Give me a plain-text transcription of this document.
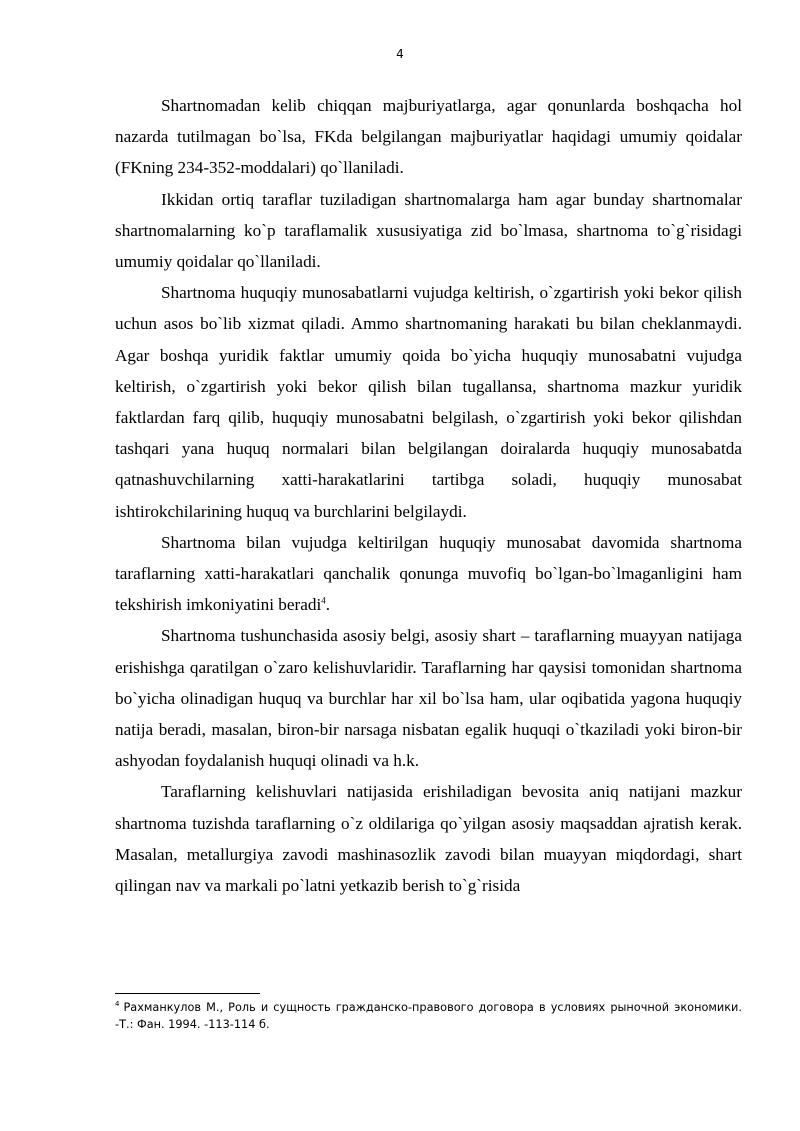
4

Shartnomadan kelib chiqqan majburiyatlarga, agar qonunlarda boshqacha hol nazarda tutilmagan bo`lsa, FKda belgilangan majburiyatlar haqidagi umumiy qoidalar (FKning 234-352-moddalari) qo`llaniladi.

Ikkidan ortiq taraflar tuziladigan shartnomalarga ham agar bunday shartnomalar shartnomalarning ko`p taraflamalik xususiyatiga zid bo`lmasa, shartnoma to`g`risidagi umumiy qoidalar qo`llaniladi.

Shartnoma huquqiy munosabatlarni vujudga keltirish, o`zgartirish yoki bekor qilish uchun asos bo`lib xizmat qiladi. Ammo shartnomaning harakati bu bilan cheklanmaydi. Agar boshqa yuridik faktlar umumiy qoida bo`yicha huquqiy munosabatni vujudga keltirish, o`zgartirish yoki bekor qilish bilan tugallansa, shartnoma mazkur yuridik faktlardan farq qilib, huquqiy munosabatni belgilash, o`zgartirish yoki bekor qilishdan tashqari yana huquq normalari bilan belgilangan doiralarda huquqiy munosabatda qatnashuvchilarning xatti-harakatlarini tartibga soladi, huquqiy munosabat ishtirokchilarining huquq va burchlarini belgilaydi.

Shartnoma bilan vujudga keltirilgan huquqiy munosabat davomida shartnoma taraflarning xatti-harakatlari qanchalik qonunga muvofiq bo`lgan-bo`lmaganligini ham tekshirish imkoniyatini beradi$^4$.

Shartnoma tushunchasida asosiy belgi, asosiy shart – taraflarning muayyan natijaga erishishga qaratilgan o`zaro kelishuvlaridir. Taraflarning har qaysisi tomonidan shartnoma bo`yicha olinadigan huquq va burchlar har xil bo`lsa ham, ular oqibatida yagona huquqiy natija beradi, masalan, biron-bir narsaga nisbatan egalik huquqi o`tkaziladi yoki biron-bir ashyodan foydalanish huquqi olinadi va h.k.

Taraflarning kelishuvlari natijasida erishiladigan bevosita aniq natijani mazkur shartnoma tuzishda taraflarning o`z oldilariga qo`yilgan asosiy maqsaddan ajratish kerak. Masalan, metallurgiya zavodi mashinasozlik zavodi bilan muayyan miqdordagi, shart qilingan nav va markali po`latni yetkazib berish to`g`risida

$^4$ Рахманкулов М., Роль и сущность гражданско-правового договора в условиях рыночной экономики. -Т.: Фан. 1994. -113-114 б.
